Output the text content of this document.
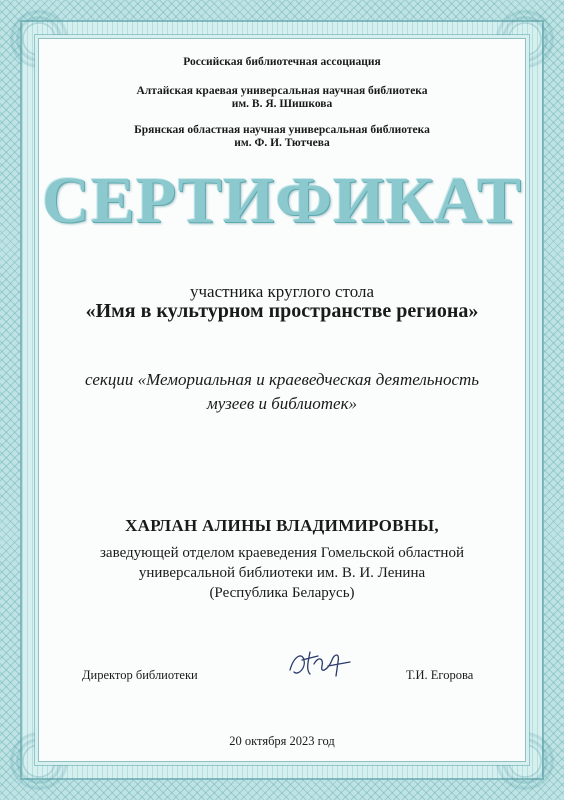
Российская библиотечная ассоциация
Алтайская краевая универсальная научная библиотека
им. В. Я. Шишкова
Брянская областная научная универсальная библиотека
им. Ф. И. Тютчева
СЕРТИФИКАТ
участника круглого стола
«Имя в культурном пространстве региона»
секции «Мемориальная и краеведческая деятельность
музеев и библиотек»
ХАРЛАН АЛИНЫ ВЛАДИМИРОВНЫ,
заведующей отделом краеведения Гомельской областной
универсальной библиотеки им. В. И. Ленина
(Республика Беларусь)
Директор библиотеки	Т.И. Егорова
20 октября 2023 год
